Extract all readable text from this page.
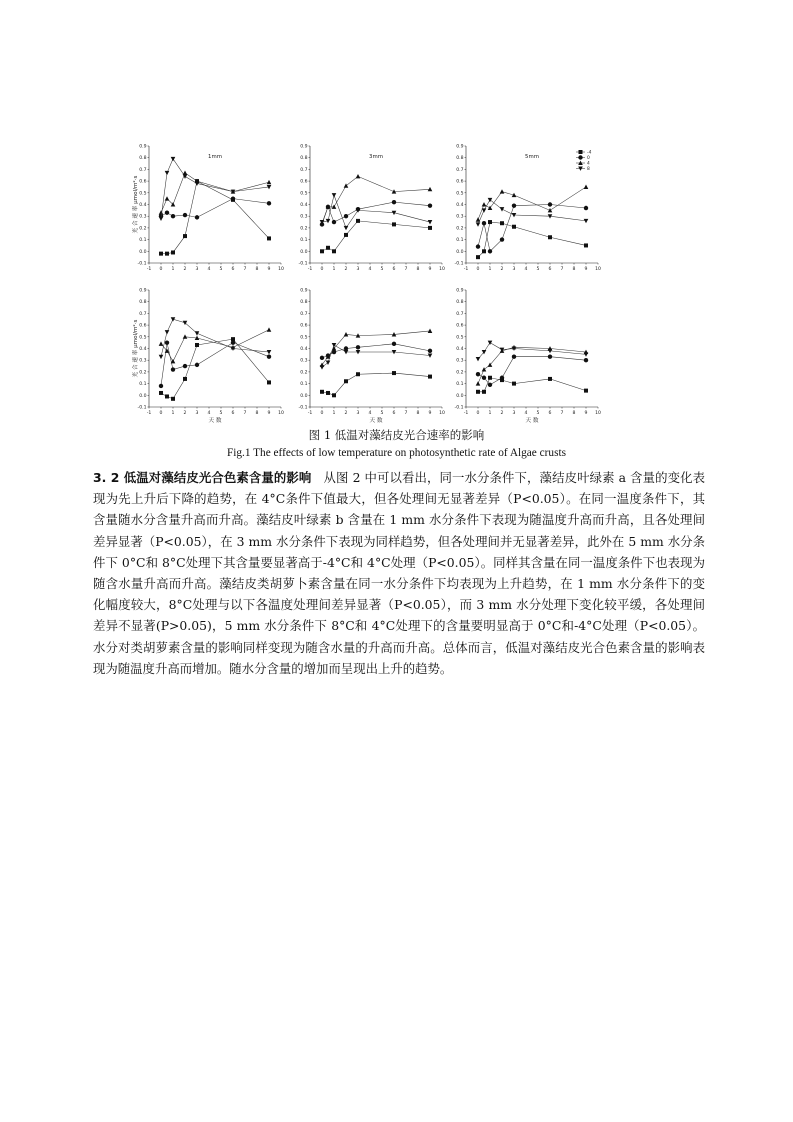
-0.1
0.0
0.1
0.2
0.3
0.4
0.5
0.6
0.7
0.8
0.9
-1 0 1 2 3 4 5 6 7 8 9 10
1mm
光 合 速 率 μmol/m²·s
-0.1
0.0
0.1
0.2
0.3
0.4
0.5
0.6
0.7
0.8
0.9
-1 0 1 2 3 4 5 6 7 8 9 10
3mm
-0.1
0.0
0.1
0.2
0.3
0.4
0.5
0.6
0.7
0.8
0.9
-1 0 1 2 3 4 5 6 7 8 9 10
5mm
-4
0
4
8
-0.1
0.0
0.1
0.2
0.3
0.4
0.5
0.6
0.7
0.8
0.9
-1 0 1 2 3 4 5 6 7 8 9 10
光 合 速 率 μmol/m²·s
天 数
-0.1
0.0
0.1
0.2
0.3
0.4
0.5
0.6
0.7
0.8
0.9
-1 0 1 2 3 4 5 6 7 8 9 10
天 数
-0.1
0.0
0.1
0.2
0.3
0.4
0.5
0.6
0.7
0.8
0.9
-1 0 1 2 3 4 5 6 7 8 9 10
天 数
图 1 低温对藻结皮光合速率的影响
Fig.1 The effects of low temperature on photosynthetic rate of Algae crusts
3. 2 低温对藻结皮光合色素含量的影响 从图 2 中可以看出，同一水分条件下，藻结皮叶绿素 a 含量的变化表现为先上升后下降的趋势，在 4°C条件下值最大，但各处理间无显著差异（P<0.05）。在同一温度条件下，其含量随水分含量升高而升高。藻结皮叶绿素 b 含量在 1 mm 水分条件下表现为随温度升高而升高，且各处理间差异显著（P<0.05），在 3 mm 水分条件下表现为同样趋势，但各处理间并无显著差异，此外在 5 mm 水分条件下 0°C和 8°C处理下其含量要显著高于-4°C和 4°C处理（P<0.05）。同样其含量在同一温度条件下也表现为随含水量升高而升高。藻结皮类胡萝卜素含量在同一水分条件下均表现为上升趋势，在 1 mm 水分条件下的变化幅度较大，8°C处理与以下各温度处理间差异显著（P<0.05），而 3 mm 水分处理下变化较平缓，各处理间差异不显著(P>0.05)，5 mm 水分条件下 8°C和 4°C处理下的含量要明显高于 0°C和-4°C处理（P<0.05）。水分对类胡萝素含量的影响同样变现为随含水量的升高而升高。总体而言，低温对藻结皮光合色素含量的影响表现为随温度升高而增加。随水分含量的增加而呈现出上升的趋势。
